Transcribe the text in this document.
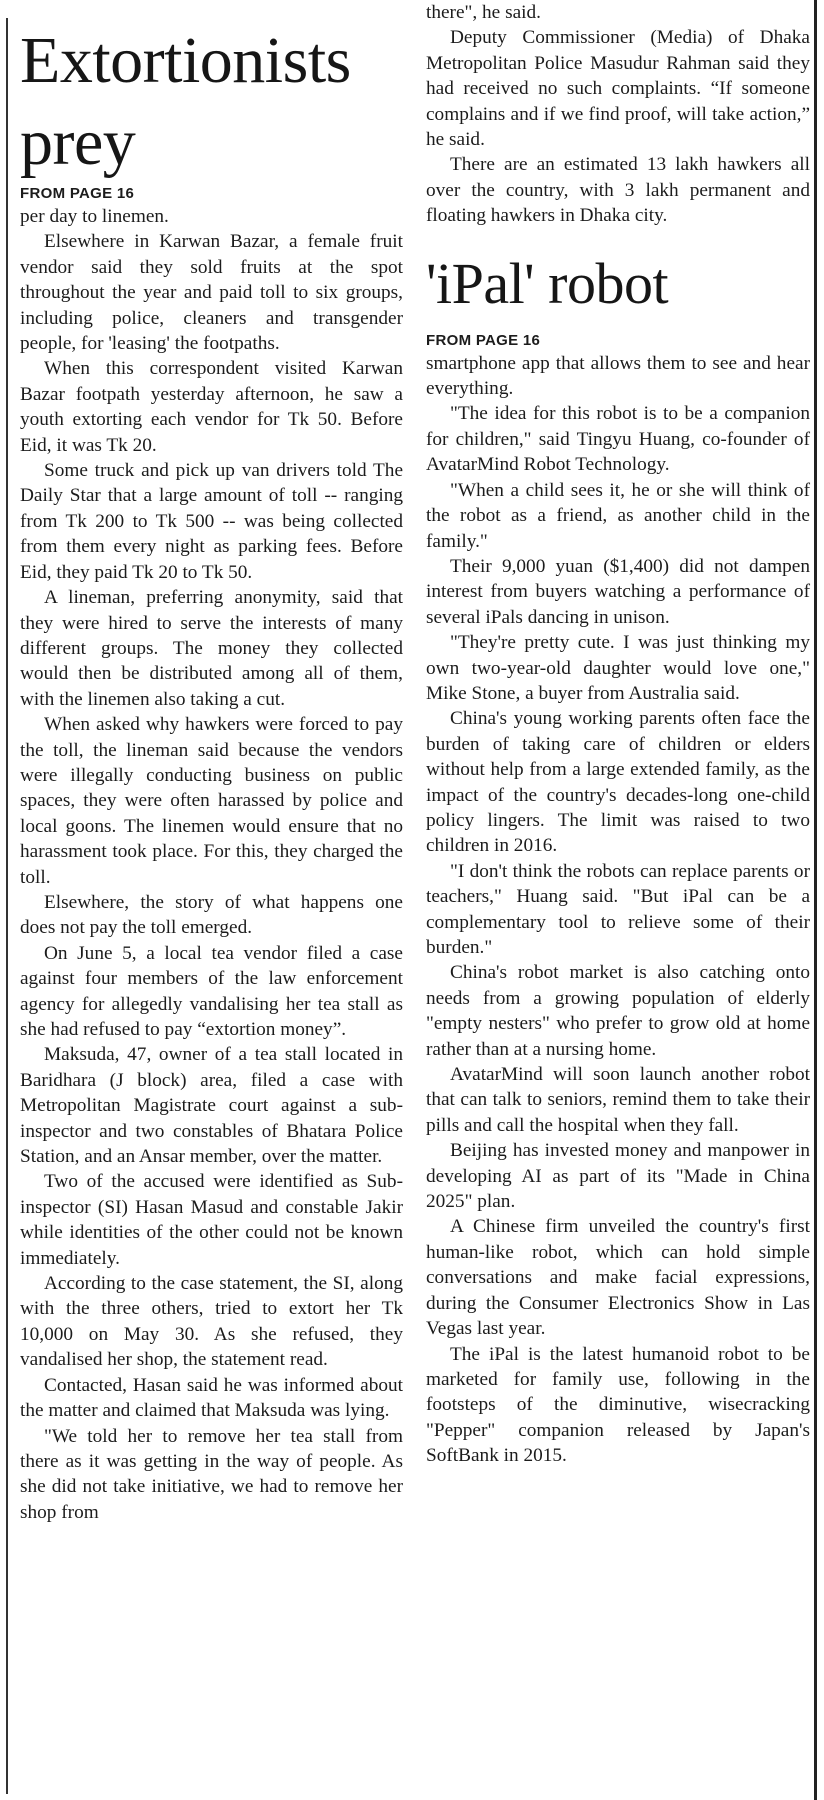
Extortionists prey
FROM PAGE 16

per day to linemen.

Elsewhere in Karwan Bazar, a female fruit vendor said they sold fruits at the spot throughout the year and paid toll to six groups, including police, cleaners and transgender people, for 'leasing' the footpaths.

When this correspondent visited Karwan Bazar footpath yesterday afternoon, he saw a youth extorting each vendor for Tk 50. Before Eid, it was Tk 20.

Some truck and pick up van drivers told The Daily Star that a large amount of toll -- ranging from Tk 200 to Tk 500 -- was being collected from them every night as parking fees. Before Eid, they paid Tk 20 to Tk 50.

A lineman, preferring anonymity, said that they were hired to serve the interests of many different groups. The money they collected would then be distributed among all of them, with the linemen also taking a cut.

When asked why hawkers were forced to pay the toll, the lineman said because the vendors were illegally conducting business on public spaces, they were often harassed by police and local goons. The linemen would ensure that no harassment took place. For this, they charged the toll.

Elsewhere, the story of what happens one does not pay the toll emerged.

On June 5, a local tea vendor filed a case against four members of the law enforcement agency for allegedly vandalising her tea stall as she had refused to pay “extortion money”.

Maksuda, 47, owner of a tea stall located in Baridhara (J block) area, filed a case with Metropolitan Magistrate court against a sub-inspector and two constables of Bhatara Police Station, and an Ansar member, over the matter.

Two of the accused were identified as Sub-inspector (SI) Hasan Masud and constable Jakir while identities of the other could not be known immediately.

According to the case statement, the SI, along with the three others, tried to extort her Tk 10,000 on May 30. As she refused, they vandalised her shop, the statement read.

Contacted, Hasan said he was informed about the matter and claimed that Maksuda was lying.

"We told her to remove her tea stall from there as it was getting in the way of people. As she did not take initiative, we had to remove her shop from

there", he said.

Deputy Commissioner (Media) of Dhaka Metropolitan Police Masudur Rahman said they had received no such complaints. “If someone complains and if we find proof, will take action,” he said.

There are an estimated 13 lakh hawkers all over the country, with 3 lakh permanent and floating hawkers in Dhaka city.

'iPal' robot
FROM PAGE 16

smartphone app that allows them to see and hear everything.

"The idea for this robot is to be a companion for children," said Tingyu Huang, co-founder of AvatarMind Robot Technology.

"When a child sees it, he or she will think of the robot as a friend, as another child in the family."

Their 9,000 yuan ($1,400) did not dampen interest from buyers watching a performance of several iPals dancing in unison.

"They're pretty cute. I was just thinking my own two-year-old daughter would love one," Mike Stone, a buyer from Australia said.

China's young working parents often face the burden of taking care of children or elders without help from a large extended family, as the impact of the country's decades-long one-child policy lingers. The limit was raised to two children in 2016.

"I don't think the robots can replace parents or teachers," Huang said. "But iPal can be a complementary tool to relieve some of their burden."

China's robot market is also catching onto needs from a growing population of elderly "empty nesters" who prefer to grow old at home rather than at a nursing home.

AvatarMind will soon launch another robot that can talk to seniors, remind them to take their pills and call the hospital when they fall.

Beijing has invested money and manpower in developing AI as part of its "Made in China 2025" plan.

A Chinese firm unveiled the country's first human-like robot, which can hold simple conversations and make facial expressions, during the Consumer Electronics Show in Las Vegas last year.

The iPal is the latest humanoid robot to be marketed for family use, following in the footsteps of the diminutive, wisecracking "Pepper" companion released by Japan's SoftBank in 2015.
